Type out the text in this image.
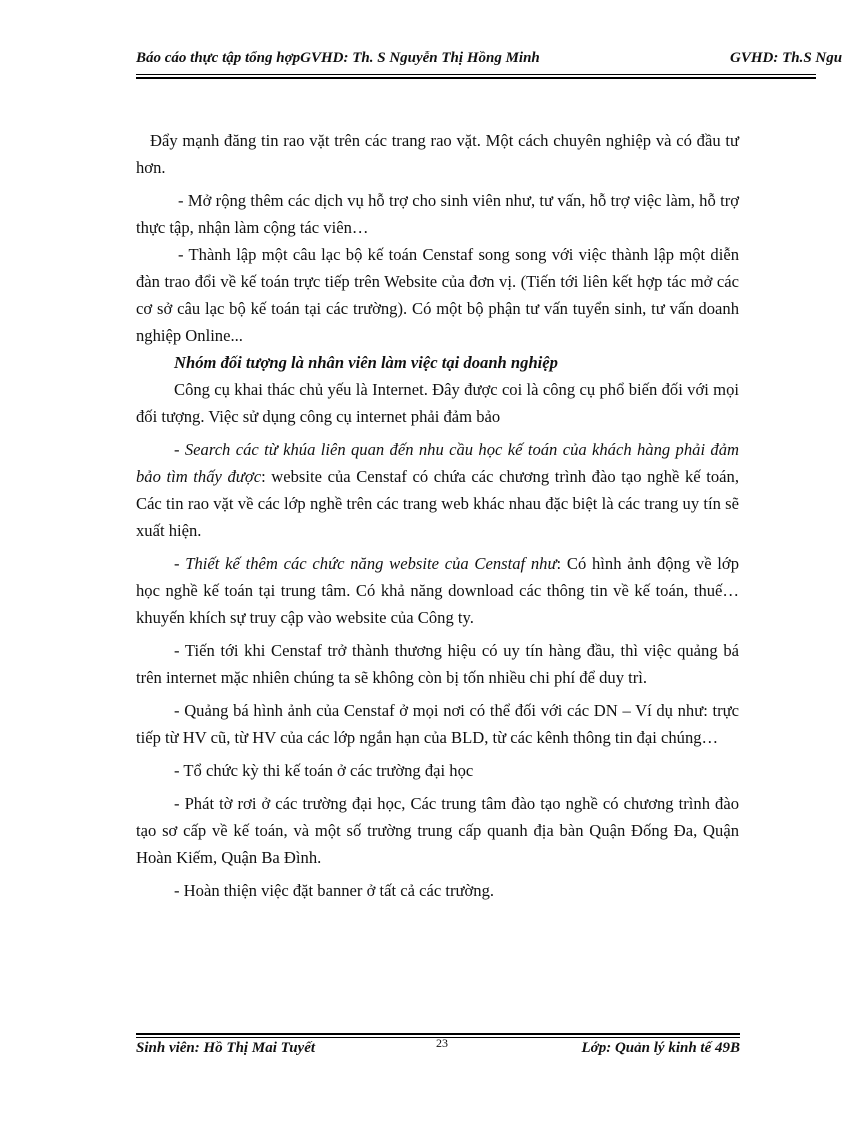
Báo cáo thực tập tổng hợpGVHD: Th. S Nguyễn Thị Hồng Minh	GVHD: Th.S Ngu

Đẩy mạnh đăng tin rao vặt trên các trang rao vặt. Một cách chuyên nghiệp và có đầu tư hơn.

- Mở rộng thêm các dịch vụ hỗ trợ cho sinh viên như, tư vấn, hỗ trợ việc làm, hỗ trợ thực tập, nhận làm cộng tác viên…

- Thành lập một câu lạc bộ kế toán Censtaf song song với việc thành lập một diễn đàn trao đổi về kế toán trực tiếp trên Website của đơn vị. (Tiến tới liên kết hợp tác mở các cơ sở câu lạc bộ kế toán tại các trường). Có một bộ phận tư vấn tuyển sinh, tư vấn doanh nghiệp Online...

Nhóm đối tượng là nhân viên làm việc tại doanh nghiệp

Công cụ khai thác chủ yếu là Internet. Đây được coi là công cụ phổ biến đối với mọi đối tượng. Việc sử dụng công cụ internet phải đảm bảo

- Search các từ khúa liên quan đến nhu cầu học kế toán của khách hàng phải đảm bảo tìm thấy được: website của Censtaf có chứa các chương trình đào tạo nghề kế toán, Các tin rao vặt về các lớp nghề trên các trang web khác nhau đặc biệt là các trang uy tín sẽ xuất hiện.

- Thiết kế thêm các chức năng website của Censtaf như: Có hình ảnh động về lớp học nghề kế toán tại trung tâm. Có khả năng download các thông tin về kế toán, thuế…khuyến khích sự truy cập vào website của Công ty.

- Tiến tới khi Censtaf trở thành thương hiệu có uy tín hàng đầu, thì việc quảng bá trên internet mặc nhiên chúng ta sẽ không còn bị tốn nhiều chi phí để duy trì.

- Quảng bá hình ảnh của Censtaf ở mọi nơi có thể đối với các DN – Ví dụ như: trực tiếp từ HV cũ, từ HV của các lớp ngắn hạn của BLD, từ các kênh thông tin đại chúng…

- Tổ chức kỳ thi kế toán ở các trường đại học

- Phát tờ rơi ở các trường đại học, Các trung tâm đào tạo nghề có chương trình đào tạo sơ cấp về kế toán, và một số trường trung cấp quanh địa bàn Quận Đống Đa, Quận Hoàn Kiếm, Quận Ba Đình.

- Hoàn thiện việc đặt banner ở tất cả các trường.

Sinh viên: Hồ Thị Mai Tuyết	23	Lớp: Quản lý kinh tế 49B
